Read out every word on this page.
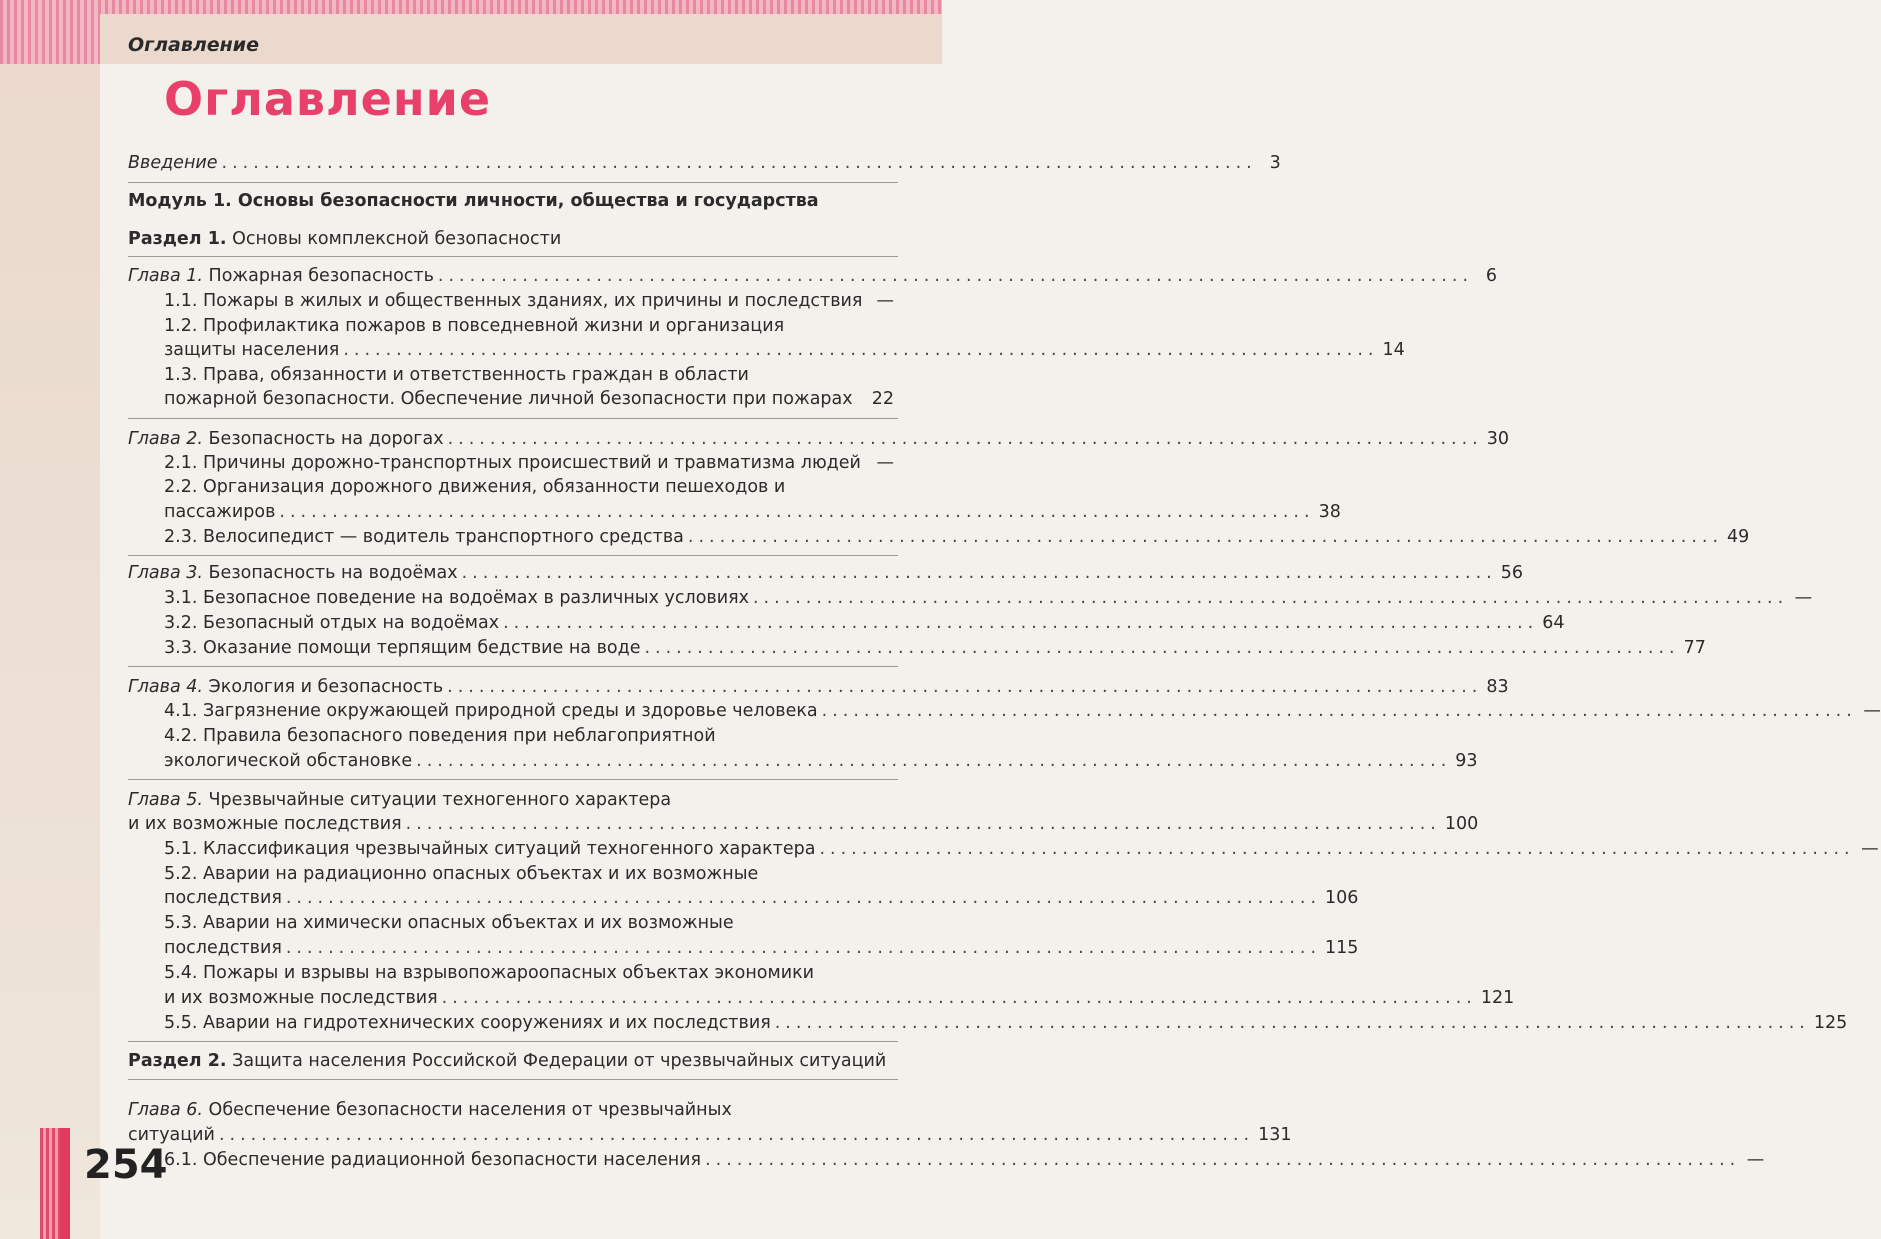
Оглавление
Оглавление
Введение .................................................................................................. 3
Модуль 1. Основы безопасности личности, общества и государства
Раздел 1. Основы комплексной безопасности
Глава 1.
Пожарная безопасность .................................................................................................. 6
1.1.
Пожары в жилых и общественных зданиях, их причины и последствия —
1.2. Профилактика пожаров в повседневной жизни и организация
защиты населения .................................................................................................. 14
1.3. Права, обязанности и ответственность граждан в области
пожарной безопасности. Обеспечение личной безопасности при пожарах 22
Глава 2.
Безопасность на дорогах .................................................................................................. 30
2.1.
Причины дорожно-транспортных происшествий и травматизма людей —
2.2. Организация дорожного движения, обязанности пешеходов и
пассажиров .................................................................................................. 38
2.3.
Велосипедист — водитель транспортного средства .................................................................................................. 49
Глава 3.
Безопасность на водоёмах .................................................................................................. 56
3.1.
Безопасное поведение на водоёмах в различных условиях .................................................................................................. —
3.2.
Безопасный отдых на водоёмах .................................................................................................. 64
3.3.
Оказание помощи терпящим бедствие на воде .................................................................................................. 77
Глава 4.
Экология и безопасность .................................................................................................. 83
4.1.
Загрязнение окружающей природной среды и здоровье человека .................................................................................................. —
4.2. Правила безопасного поведения при неблагоприятной
экологической обстановке .................................................................................................. 93
Глава 5. Чрезвычайные ситуации техногенного характера
и их возможные последствия .................................................................................................. 100
5.1.
Классификация чрезвычайных ситуаций техногенного характера .................................................................................................. —
5.2. Аварии на радиационно опасных объектах и их возможные
последствия .................................................................................................. 106
5.3. Аварии на химически опасных объектах и их возможные
последствия .................................................................................................. 115
5.4. Пожары и взрывы на взрывопожароопасных объектах экономики
и их возможные последствия .................................................................................................. 121
5.5.
Аварии на гидротехнических сооружениях и их последствия .................................................................................................. 125
Раздел 2. Защита населения Российской Федерации от чрезвычайных ситуаций
Глава 6. Обеспечение безопасности населения от чрезвычайных
ситуаций .................................................................................................. 131
6.1.
Обеспечение радиационной безопасности населения .................................................................................................. —
254
